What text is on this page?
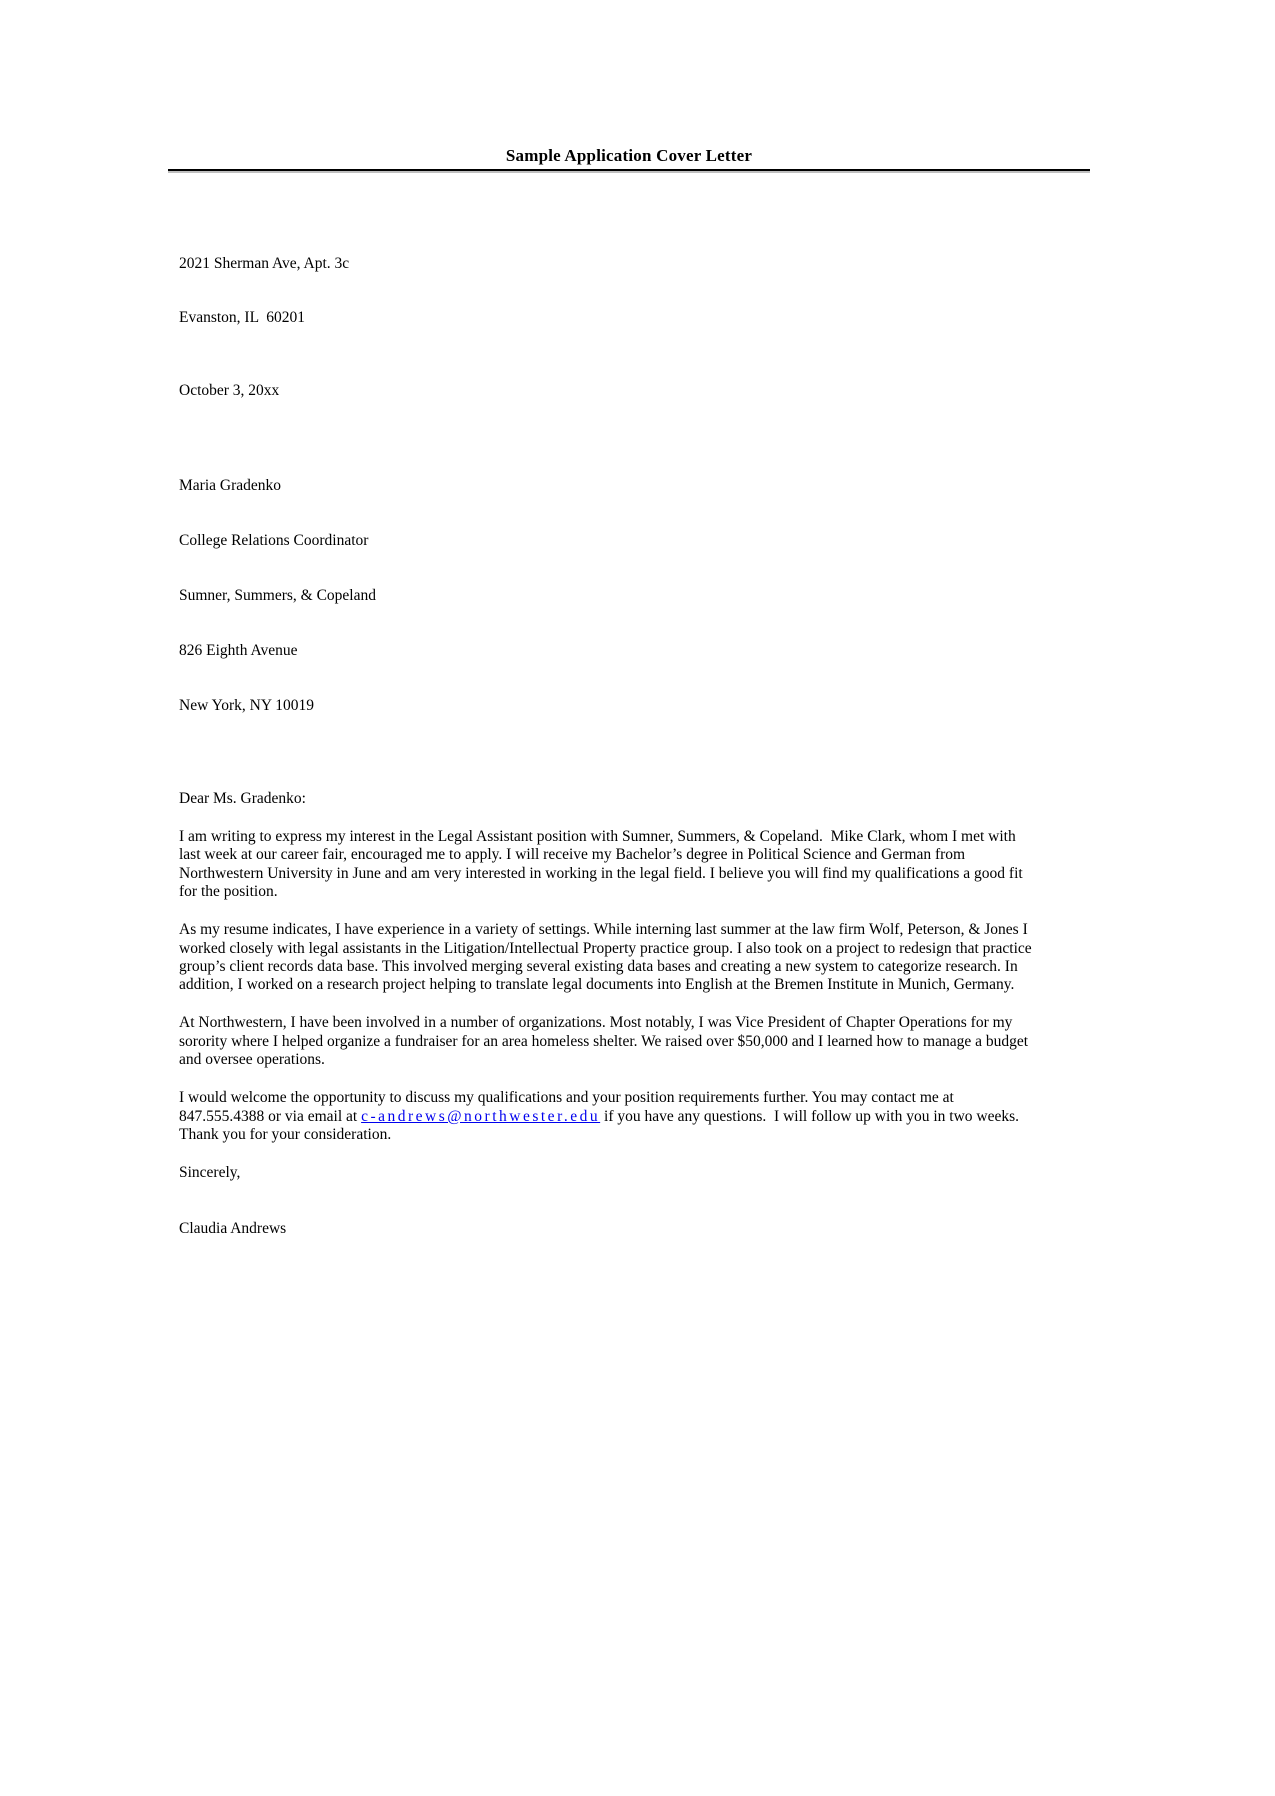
Sample Application Cover Letter

2021 Sherman Ave, Apt. 3c

Evanston, IL  60201

October 3, 20xx

Maria Gradenko

College Relations Coordinator

Sumner, Summers, & Copeland

826 Eighth Avenue

New York, NY 10019

Dear Ms. Gradenko:

I am writing to express my interest in the Legal Assistant position with Sumner, Summers, & Copeland.  Mike Clark, whom I met with last week at our career fair, encouraged me to apply. I will receive my Bachelor’s degree in Political Science and German from Northwestern University in June and am very interested in working in the legal field. I believe you will find my qualifications a good fit for the position.

As my resume indicates, I have experience in a variety of settings. While interning last summer at the law firm Wolf, Peterson, & Jones I worked closely with legal assistants in the Litigation/Intellectual Property practice group. I also took on a project to redesign that practice group’s client records data base. This involved merging several existing data bases and creating a new system to categorize research. In addition, I worked on a research project helping to translate legal documents into English at the Bremen Institute in Munich, Germany.

At Northwestern, I have been involved in a number of organizations. Most notably, I was Vice President of Chapter Operations for my sorority where I helped organize a fundraiser for an area homeless shelter. We raised over $50,000 and I learned how to manage a budget and oversee operations.

I would welcome the opportunity to discuss my qualifications and your position requirements further. You may contact me at 847.555.4388 or via email at c-andrews@northwester.edu if you have any questions.  I will follow up with you in two weeks. Thank you for your consideration.

Sincerely,
Claudia Andrews
